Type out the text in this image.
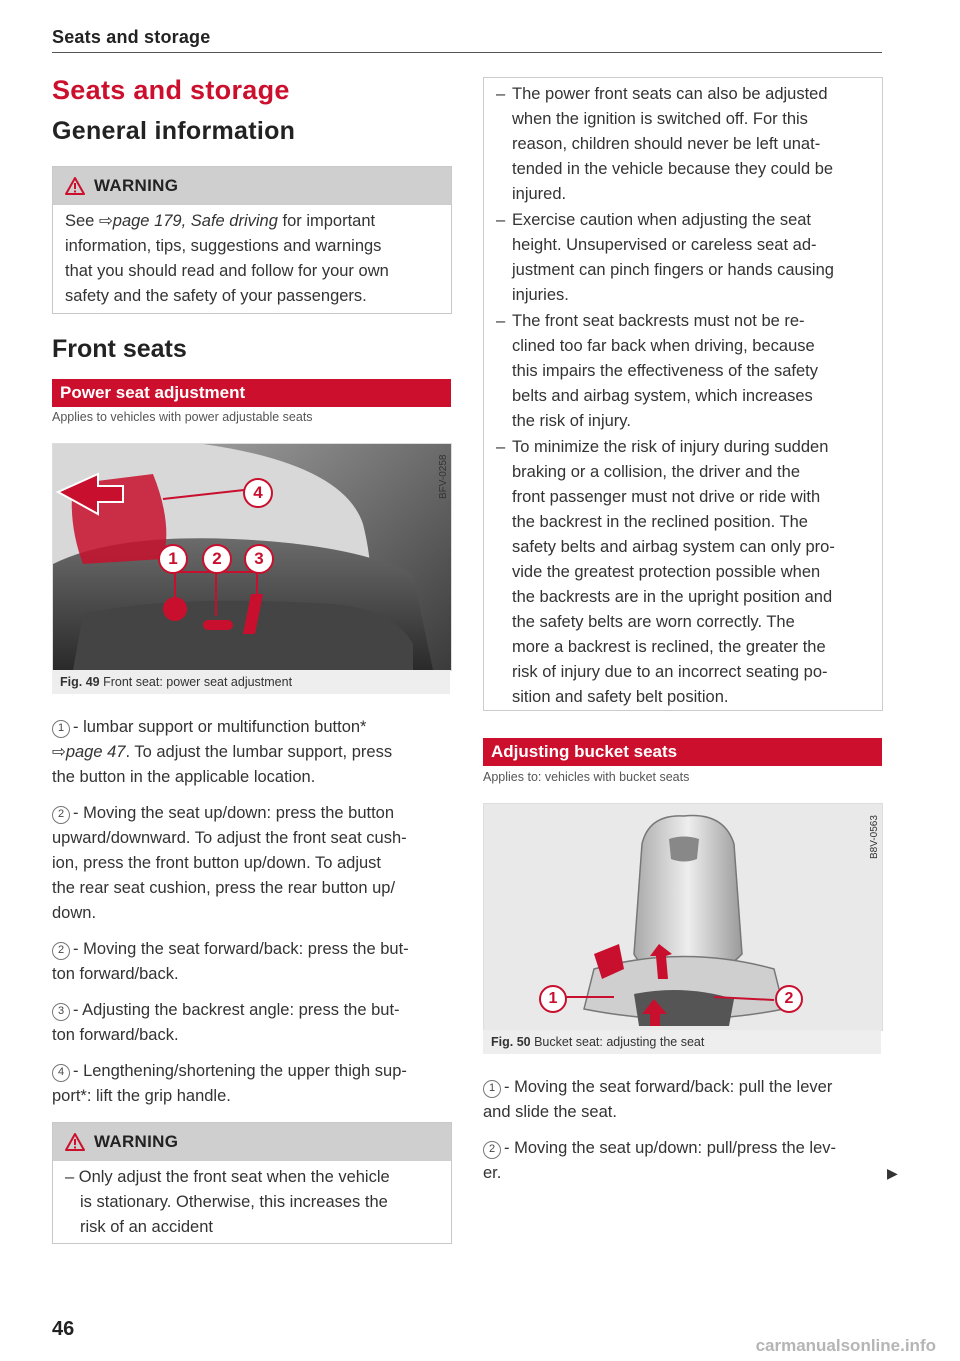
Seats and storage
Seats and storage
General information
WARNING
See ⇨page 179, Safe driving for important
information, tips, suggestions and warnings
that you should read and follow for your own
safety and the safety of your passengers.
Front seats
Power seat adjustment
Applies to vehicles with power adjustable seats
4
1	2	3
BFV-0258
Fig. 49 Front seat: power seat adjustment
1 - lumbar support or multifunction button*
⇨page 47. To adjust the lumbar support, press
the button in the applicable location.
2 - Moving the seat up/down: press the button
upward/downward. To adjust the front seat cush-
ion, press the front button up/down. To adjust
the rear seat cushion, press the rear button up/
down.
2 - Moving the seat forward/back: press the but-
ton forward/back.
3 - Adjusting the backrest angle: press the but-
ton forward/back.
4 - Lengthening/shortening the upper thigh sup-
port*: lift the grip handle.
WARNING
– Only adjust the front seat when the vehicle
is stationary. Otherwise, this increases the
risk of an accident
– The power front seats can also be adjusted
when the ignition is switched off. For this
reason, children should never be left unat-
tended in the vehicle because they could be
injured.
– Exercise caution when adjusting the seat
height. Unsupervised or careless seat ad-
justment can pinch fingers or hands causing
injuries.
– The front seat backrests must not be re-
clined too far back when driving, because
this impairs the effectiveness of the safety
belts and airbag system, which increases
the risk of injury.
– To minimize the risk of injury during sudden
braking or a collision, the driver and the
front passenger must not drive or ride with
the backrest in the reclined position. The
safety belts and airbag system can only pro-
vide the greatest protection possible when
the backrests are in the upright position and
the safety belts are worn correctly. The
more a backrest is reclined, the greater the
risk of injury due to an incorrect seating po-
sition and safety belt position.
Adjusting bucket seats
Applies to: vehicles with bucket seats
1	2
B8V-0563
Fig. 50 Bucket seat: adjusting the seat
1 - Moving the seat forward/back: pull the lever
and slide the seat.
2 - Moving the seat up/down: pull/press the lev-
er.	▶
46
carmanualsonline.info
